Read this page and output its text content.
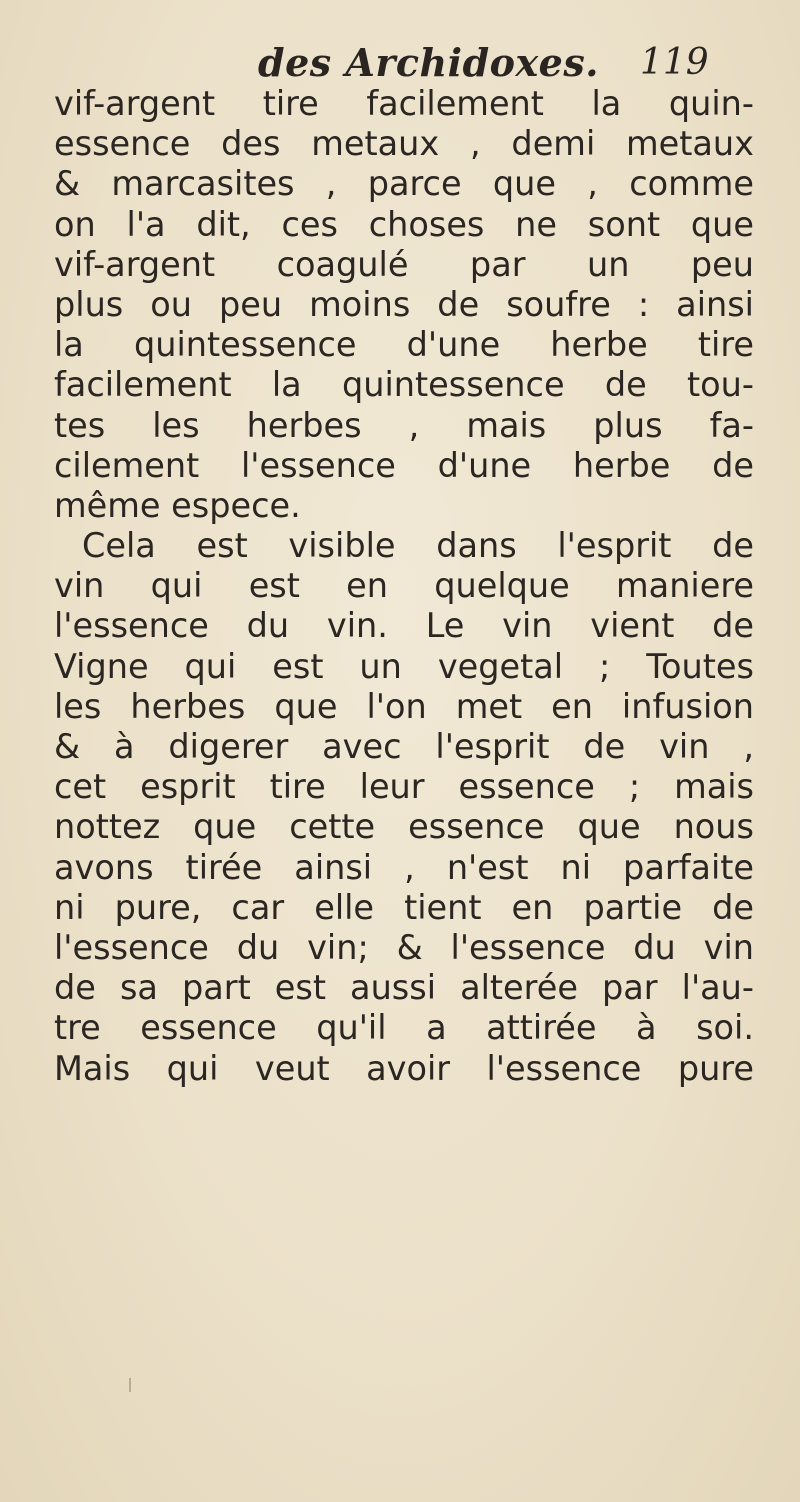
des Archidoxes. 119
vif-argent tire facilement la quin-
essence des metaux , demi metaux
& marcasites , parce que , comme
on l'a dit, ces choses ne sont que
vif-argent coagulé par un peu
plus ou peu moins de soufre : ainsi
la quintessence d'une herbe tire
facilement la quintessence de tou-
tes les herbes , mais plus fa-
cilement l'essence d'une herbe de
même espece.
Cela est visible dans l'esprit de
vin qui est en quelque maniere
l'essence du vin. Le vin vient de
Vigne qui est un vegetal ; Toutes
les herbes que l'on met en infusion
& à digerer avec l'esprit de vin ,
cet esprit tire leur essence ; mais
nottez que cette essence que nous
avons tirée ainsi , n'est ni parfaite
ni pure, car elle tient en partie de
l'essence du vin; & l'essence du vin
de sa part est aussi alterée par l'au-
tre essence qu'il a attirée à soi.
Mais qui veut avoir l'essence pure
